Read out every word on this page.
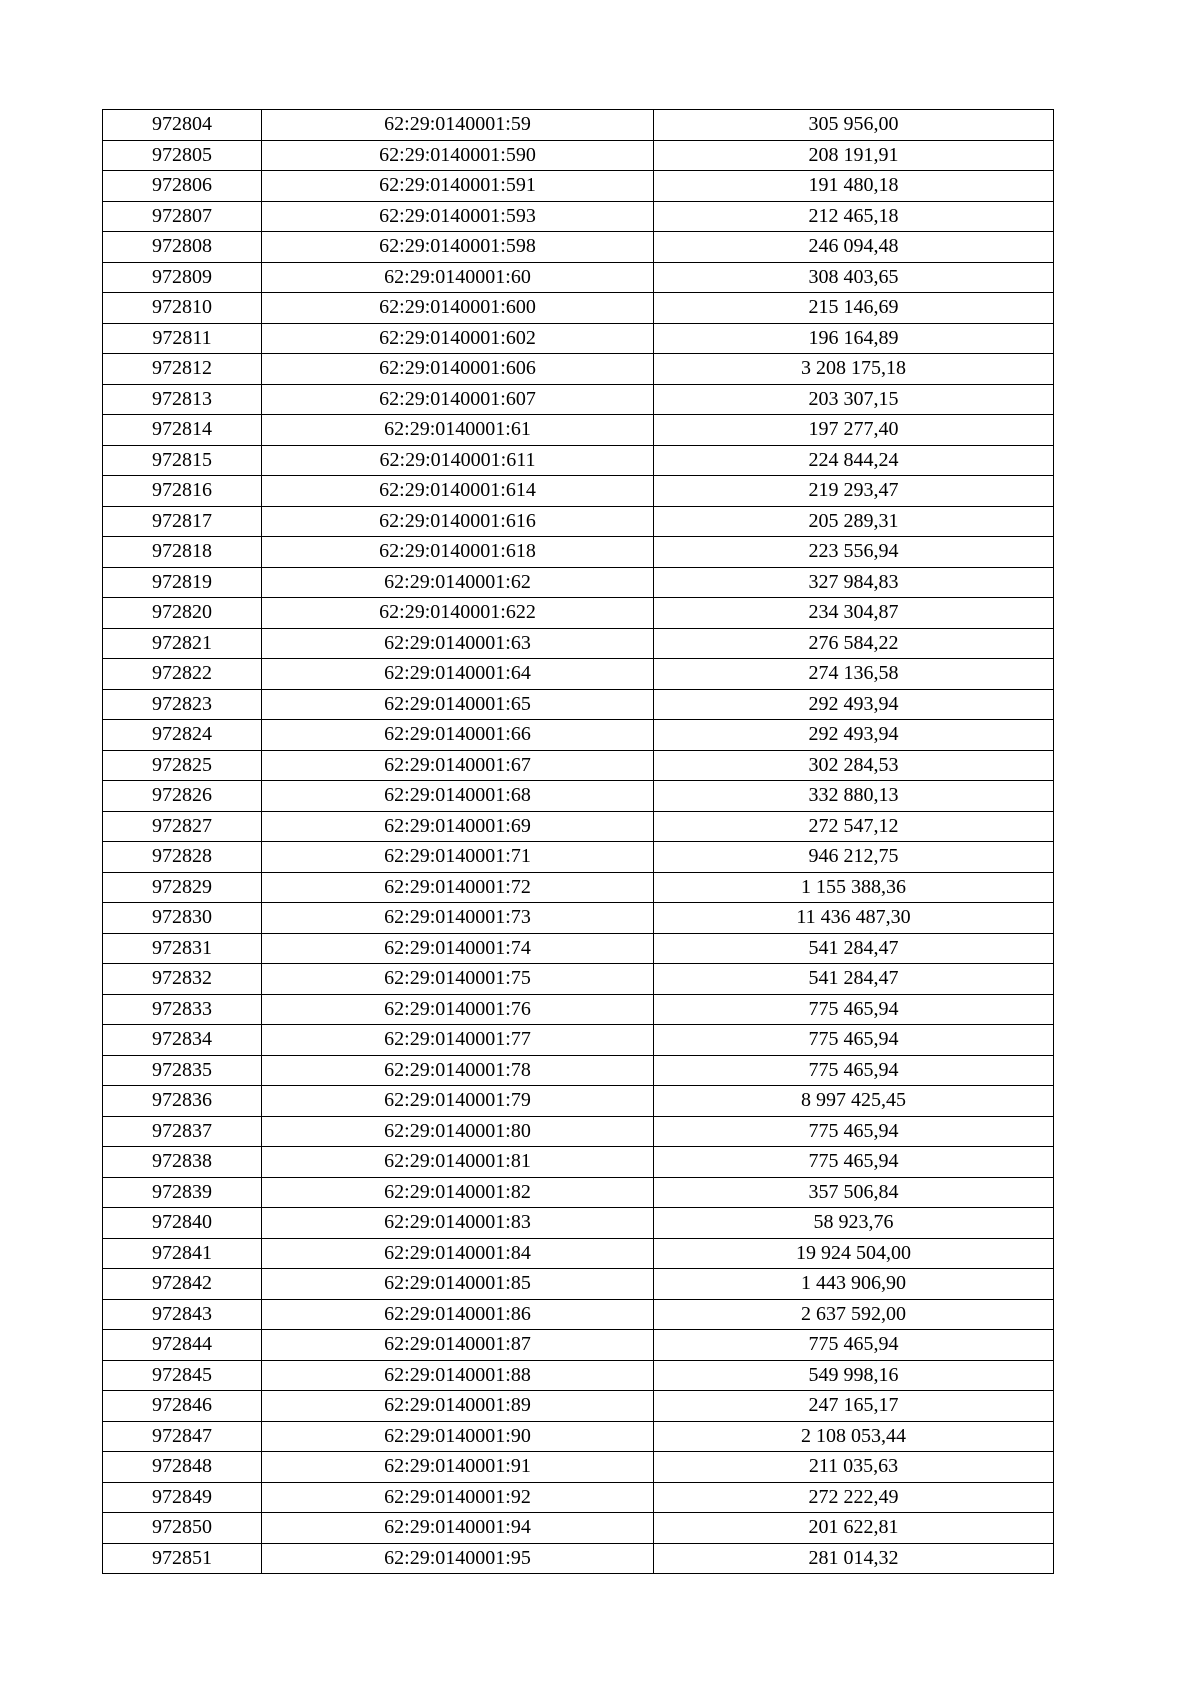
972804	62:29:0140001:59	305 956,00
972805	62:29:0140001:590	208 191,91
972806	62:29:0140001:591	191 480,18
972807	62:29:0140001:593	212 465,18
972808	62:29:0140001:598	246 094,48
972809	62:29:0140001:60	308 403,65
972810	62:29:0140001:600	215 146,69
972811	62:29:0140001:602	196 164,89
972812	62:29:0140001:606	3 208 175,18
972813	62:29:0140001:607	203 307,15
972814	62:29:0140001:61	197 277,40
972815	62:29:0140001:611	224 844,24
972816	62:29:0140001:614	219 293,47
972817	62:29:0140001:616	205 289,31
972818	62:29:0140001:618	223 556,94
972819	62:29:0140001:62	327 984,83
972820	62:29:0140001:622	234 304,87
972821	62:29:0140001:63	276 584,22
972822	62:29:0140001:64	274 136,58
972823	62:29:0140001:65	292 493,94
972824	62:29:0140001:66	292 493,94
972825	62:29:0140001:67	302 284,53
972826	62:29:0140001:68	332 880,13
972827	62:29:0140001:69	272 547,12
972828	62:29:0140001:71	946 212,75
972829	62:29:0140001:72	1 155 388,36
972830	62:29:0140001:73	11 436 487,30
972831	62:29:0140001:74	541 284,47
972832	62:29:0140001:75	541 284,47
972833	62:29:0140001:76	775 465,94
972834	62:29:0140001:77	775 465,94
972835	62:29:0140001:78	775 465,94
972836	62:29:0140001:79	8 997 425,45
972837	62:29:0140001:80	775 465,94
972838	62:29:0140001:81	775 465,94
972839	62:29:0140001:82	357 506,84
972840	62:29:0140001:83	58 923,76
972841	62:29:0140001:84	19 924 504,00
972842	62:29:0140001:85	1 443 906,90
972843	62:29:0140001:86	2 637 592,00
972844	62:29:0140001:87	775 465,94
972845	62:29:0140001:88	549 998,16
972846	62:29:0140001:89	247 165,17
972847	62:29:0140001:90	2 108 053,44
972848	62:29:0140001:91	211 035,63
972849	62:29:0140001:92	272 222,49
972850	62:29:0140001:94	201 622,81
972851	62:29:0140001:95	281 014,32
